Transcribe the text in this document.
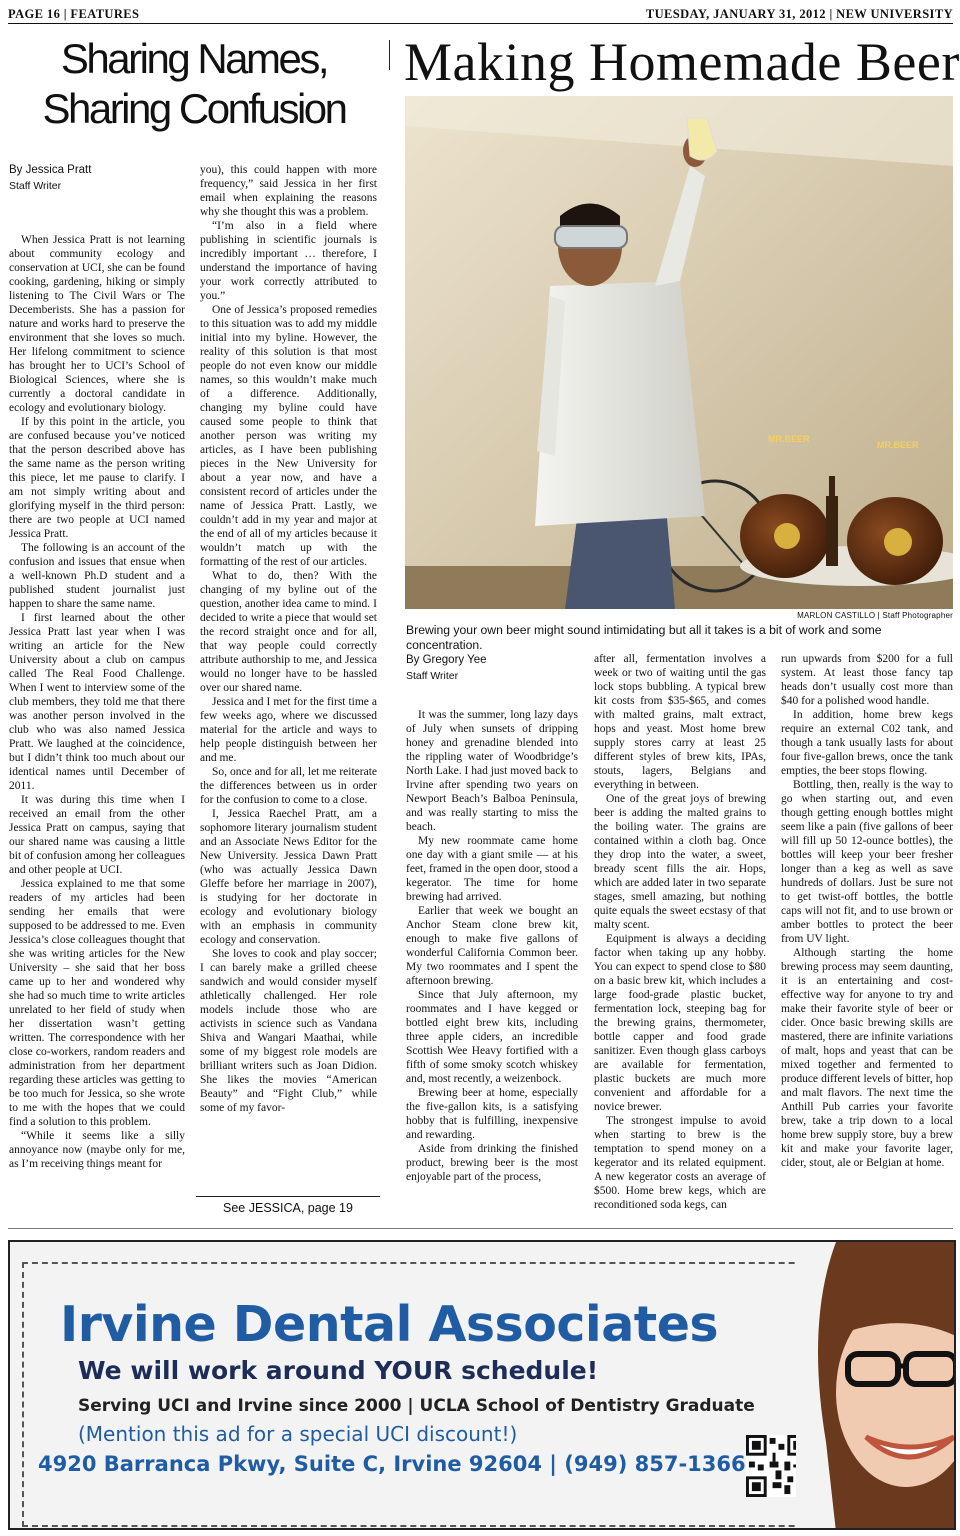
PAGE 16 | FEATURES	TUESDAY, JANUARY 31, 2012 | NEW UNIVERSITY
Sharing Names,
Sharing Confusion
By Jessica Pratt
Staff Writer

When Jessica Pratt is not learning about community ecology and conservation at UCI, she can be found cooking, gardening, hiking or simply listening to The Civil Wars or The Decemberists. She has a passion for nature and works hard to preserve the environment that she loves so much. Her lifelong commitment to science has brought her to UCI’s School of Biological Sciences, where she is currently a doctoral candidate in ecology and evolutionary biology.

If by this point in the article, you are confused because you’ve noticed that the person described above has the same name as the person writing this piece, let me pause to clarify. I am not simply writing about and glorifying myself in the third person: there are two people at UCI named Jessica Pratt.

The following is an account of the confusion and issues that ensue when a well-known Ph.D student and a published student journalist just happen to share the same name.

I first learned about the other Jessica Pratt last year when I was writing an article for the New University about a club on campus called The Real Food Challenge. When I went to interview some of the club members, they told me that there was another person involved in the club who was also named Jessica Pratt. We laughed at the coincidence, but I didn’t think too much about our identical names until December of 2011.

It was during this time when I received an email from the other Jessica Pratt on campus, saying that our shared name was causing a little bit of confusion among her colleagues and other people at UCI.

Jessica explained to me that some readers of my articles had been sending her emails that were supposed to be addressed to me. Even Jessica’s close colleagues thought that she was writing articles for the New University – she said that her boss came up to her and wondered why she had so much time to write articles unrelated to her field of study when her dissertation wasn’t getting written. The correspondence with her close co-workers, random readers and administration from her department regarding these articles was getting to be too much for Jessica, so she wrote to me with the hopes that we could find a solution to this problem.

“While it seems like a silly annoyance now (maybe only for me, as I’m receiving things meant for

you), this could happen with more frequency,” said Jessica in her first email when explaining the reasons why she thought this was a problem.

“I’m also in a field where publishing in scientific journals is incredibly important … therefore, I understand the importance of having your work correctly attributed to you.”

One of Jessica’s proposed remedies to this situation was to add my middle initial into my byline. However, the reality of this solution is that most people do not even know our middle names, so this wouldn’t make much of a difference. Additionally, changing my byline could have caused some people to think that another person was writing my articles, as I have been publishing pieces in the New University for about a year now, and have a consistent record of articles under the name of Jessica Pratt. Lastly, we couldn’t add in my year and major at the end of all of my articles because it wouldn’t match up with the formatting of the rest of our articles.

What to do, then? With the changing of my byline out of the question, another idea came to mind. I decided to write a piece that would set the record straight once and for all, that way people could correctly attribute authorship to me, and Jessica would no longer have to be hassled over our shared name.

Jessica and I met for the first time a few weeks ago, where we discussed material for the article and ways to help people distinguish between her and me.

So, once and for all, let me reiterate the differences between us in order for the confusion to come to a close.

I, Jessica Raechel Pratt, am a sophomore literary journalism student and an Associate News Editor for the New University. Jessica Dawn Pratt (who was actually Jessica Dawn Gleffe before her marriage in 2007), is studying for her doctorate in ecology and evolutionary biology with an emphasis in community ecology and conservation.

She loves to cook and play soccer; I can barely make a grilled cheese sandwich and would consider myself athletically challenged. Her role models include those who are activists in science such as Vandana Shiva and Wangari Maathai, while some of my biggest role models are brilliant writers such as Joan Didion. She likes the movies “American Beauty” and “Fight Club,” while some of my favor-

See JESSICA, page 19
Making Homemade Beer
MR.BEER
MR.BEER
MARLON CASTILLO | Staff Photographer
Brewing your own beer might sound intimidating but all it takes is a bit of work and some concentration.
By Gregory Yee
Staff Writer

It was the summer, long lazy days of July when sunsets of dripping honey and grenadine blended into the rippling water of Woodbridge’s North Lake. I had just moved back to Irvine after spending two years on Newport Beach’s Balboa Peninsula, and was really starting to miss the beach.

My new roommate came home one day with a giant smile — at his feet, framed in the open door, stood a kegerator. The time for home brewing had arrived.

Earlier that week we bought an Anchor Steam clone brew kit, enough to make five gallons of wonderful California Common beer. My two roommates and I spent the afternoon brewing.

Since that July afternoon, my roommates and I have kegged or bottled eight brew kits, including three apple ciders, an incredible Scottish Wee Heavy fortified with a fifth of some smoky scotch whiskey and, most recently, a weizenbock.

Brewing beer at home, especially the five-gallon kits, is a satisfying hobby that is fulfilling, inexpensive and rewarding.

Aside from drinking the finished product, brewing beer is the most enjoyable part of the process,

after all, fermentation involves a week or two of waiting until the gas lock stops bubbling. A typical brew kit costs from $35-$65, and comes with malted grains, malt extract, hops and yeast. Most home brew supply stores carry at least 25 different styles of brew kits, IPAs, stouts, lagers, Belgians and everything in between.

One of the great joys of brewing beer is adding the malted grains to the boiling water. The grains are contained within a cloth bag. Once they drop into the water, a sweet, bready scent fills the air. Hops, which are added later in two separate stages, smell amazing, but nothing quite equals the sweet ecstasy of that malty scent.

Equipment is always a deciding factor when taking up any hobby. You can expect to spend close to $80 on a basic brew kit, which includes a large food-grade plastic bucket, fermentation lock, steeping bag for the brewing grains, thermometer, bottle capper and food grade sanitizer. Even though glass carboys are available for fermentation, plastic buckets are much more convenient and affordable for a novice brewer.

The strongest impulse to avoid when starting to brew is the temptation to spend money on a kegerator and its related equipment. A new kegerator costs an average of $500. Home brew kegs, which are reconditioned soda kegs, can

run upwards from $200 for a full system. At least those fancy tap heads don’t usually cost more than $40 for a polished wood handle.

In addition, home brew kegs require an external C02 tank, and though a tank usually lasts for about four five-gallon brews, once the tank empties, the beer stops flowing.

Bottling, then, really is the way to go when starting out, and even though getting enough bottles might seem like a pain (five gallons of beer will fill up 50 12-ounce bottles), the bottles will keep your beer fresher longer than a keg as well as save hundreds of dollars. Just be sure not to get twist-off bottles, the bottle caps will not fit, and to use brown or amber bottles to protect the beer from UV light.

Although starting the home brewing process may seem daunting, it is an entertaining and cost-effective way for anyone to try and make their favorite style of beer or cider. Once basic brewing skills are mastered, there are infinite variations of malt, hops and yeast that can be mixed together and fermented to produce different levels of bitter, hop and malt flavors. The next time the Anthill Pub carries your favorite brew, take a trip down to a local home brew supply store, buy a brew kit and make your favorite lager, cider, stout, ale or Belgian at home.

Irvine Dental Associates
We will work around YOUR schedule!
Serving UCI and Irvine since 2000 | UCLA School of Dentistry Graduate
(Mention this ad for a special UCI discount!)
4920 Barranca Pkwy, Suite C, Irvine 92604 | (949) 857-1366
